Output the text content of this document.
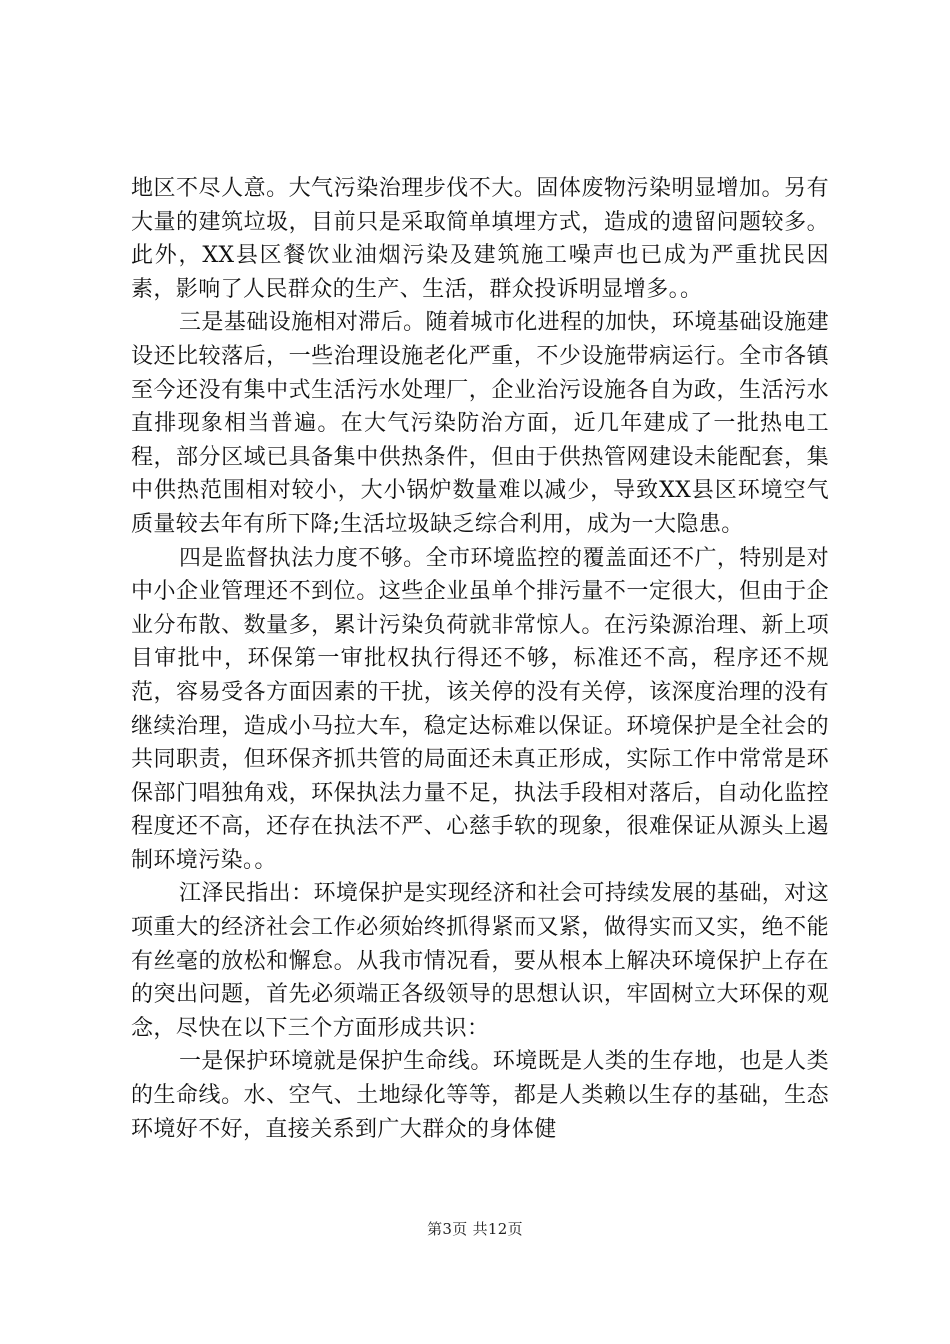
地区不尽人意。大气污染治理步伐不大。固体废物污染明显增加。另有大量的建筑垃圾，目前只是采取简单填埋方式，造成的遗留问题较多。此外，XX县区餐饮业油烟污染及建筑施工噪声也已成为严重扰民因素，影响了人民群众的生产、生活，群众投诉明显增多。。

三是基础设施相对滞后。随着城市化进程的加快，环境基础设施建设还比较落后，一些治理设施老化严重，不少设施带病运行。全市各镇至今还没有集中式生活污水处理厂，企业治污设施各自为政，生活污水直排现象相当普遍。在大气污染防治方面，近几年建成了一批热电工程，部分区域已具备集中供热条件，但由于供热管网建设未能配套，集中供热范围相对较小，大小锅炉数量难以减少，导致XX县区环境空气质量较去年有所下降;生活垃圾缺乏综合利用，成为一大隐患。

四是监督执法力度不够。全市环境监控的覆盖面还不广，特别是对中小企业管理还不到位。这些企业虽单个排污量不一定很大，但由于企业分布散、数量多，累计污染负荷就非常惊人。在污染源治理、新上项目审批中，环保第一审批权执行得还不够，标准还不高，程序还不规范，容易受各方面因素的干扰，该关停的没有关停，该深度治理的没有继续治理，造成小马拉大车，稳定达标难以保证。环境保护是全社会的共同职责，但环保齐抓共管的局面还未真正形成，实际工作中常常是环保部门唱独角戏，环保执法力量不足，执法手段相对落后，自动化监控程度还不高，还存在执法不严、心慈手软的现象，很难保证从源头上遏制环境污染。。

江泽民指出：环境保护是实现经济和社会可持续发展的基础，对这项重大的经济社会工作必须始终抓得紧而又紧，做得实而又实，绝不能有丝毫的放松和懈怠。从我市情况看，要从根本上解决环境保护上存在的突出问题，首先必须端正各级领导的思想认识，牢固树立大环保的观念，尽快在以下三个方面形成共识：

一是保护环境就是保护生命线。环境既是人类的生存地，也是人类的生命线。水、空气、土地绿化等等，都是人类赖以生存的基础，生态环境好不好，直接关系到广大群众的身体健

第3页 共12页
